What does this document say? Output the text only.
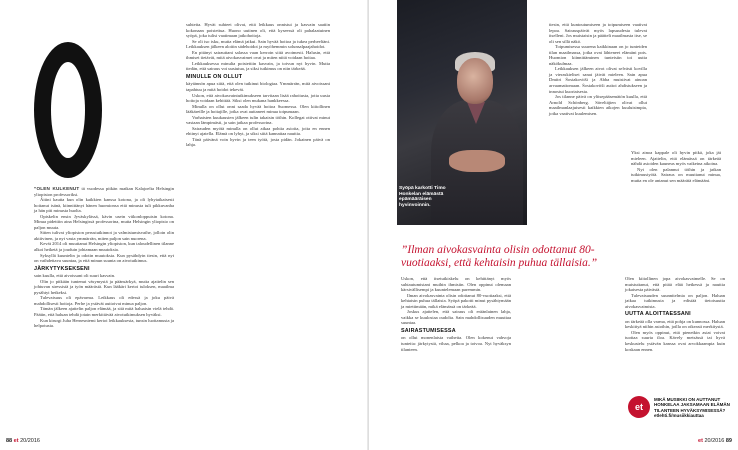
”OLEN KULKENUT tä vuodessa pitkän matkan Kalajoelta Helsingin yliopiston professoriksi.

Äitini kautta kun olin kaikkien kanssa kotona, ja oli lyhytaikaisesti hoitanut isänä, kiinnittänyt hänen huomionsa että minusta tuli pikkuvanha ja hän piti minusta huolta.

Opiskelin ensin Jyväskylässä, kävin usein viikonloppuisin kotona. Minua pidettiin aina Helsingissä professorina, mutta Helsingin yliopisto on paljon muuta.

Sitten tulivat yliopiston perustutkinnot ja valmistumisvaihe, jolloin olin aktiivinen, ja nyt vasta ymmärrän, miten paljon sain nuorena.

Kevät 2014 oli muuttanut Helsingin yliopiston, kun taloudellinen tilanne alkoi heiketä ja jouduin johtamaan muutoksia.

Syksyllä kuuntelin ja odotin muutoksia. Kun pysähdyin tiesin, että nyt on vaihdettava suuntaa, ja että minun suunta on aivotutkimus.

JÄRKYTYKSEKSENI

sain kuulla, että aivoissani oli suuri kasvain.

Olin jo pitkään tuntenut väsymystä ja päänsärkyä, mutta ajattelin sen johtuvan stressistä ja työn määrästä. Kun lääkäri kertoi tuloksen, maailma pysähtyi hetkeksi.

Tulevaisuus oli epävarma. Leikkaus oli edessä ja joku päivä mahdollisesti hoitoja. Perhe ja ystävät auttoivat minua paljon.

Tämän jälkeen ajattelin paljon elämää, ja sitä mitä haluaisin vielä tehdä. Päätin, että haluan tehdä jotain merkittävää aivotutkimuksen hyväksi.

Kun kirurgi Juha Hernesniemi kertoi leikkauksesta, tunsin luottamusta ja helpotusta.

suhteita. Hyvät suhteet olivat, että leikkaus onnistui ja kasvain saatiin kokonaan poistettua. Huono uutinen oli, että kyseessä oli pahalaatuinen syöpä, joka tulisi vaatimaan jatkohoitoja.

Se oli iso isku, mutta elämä jatkui. Sain hyvää hoitoa ja tukea perheeltäni. Leikkauksen jälkeen aloitin sädehoidot ja myöhemmin solunsalpaajahoidot.

En pitänyt sairauttani salassa vaan kerroin siitä avoimesti. Halusin, että ihmiset tietävät, mitä aivokasvaimet ovat ja miten niitä voidaan hoitaa.

Leikkauksessa minulta poistettiin kasvain, ja toivun nyt hyvin. Mutta tiedän, että sairaus voi uusiutua, ja siksi tutkimus on niin tärkeää.

MINULLE ON OLLUT

käytännön apua siitä, että olen tutkinut biologiaa. Ymmärrän, mitä aivoissani tapahtuu ja mitä hoidot tekevät.

Uskon, että aivokasvaintutkimukseen tarvitaan lisää rahoitusta, jotta uusia hoitoja voidaan kehittää. Siksi olen mukana hankkeessa.

Minulla on ollut onni saada hyvää hoitoa Suomessa. Olen kiitollinen lääkäreille ja hoitajille, jotka ovat auttaneet minua toipumaan.

Varhaisten kuukausien jälkeen tulin takaisin töihin. Kollegat ottivat minut vastaan lämpimästi, ja sain jatkaa professorina.

Sairauden myötä minulla on ollut aikaa pohtia asioita, joita en ennen ehtinyt ajatella. Elämä on lyhyt, ja siksi siitä kannattaa nauttia.

Tänä päivänä voin hyvin ja teen työtä, josta pidän. Jokainen päivä on lahja.

88 et 20/2016
Syöpä karkotti Timo Honkelan elämästä epämääräisen hyvinvoinnin.

tiesin, että kuntoutumiseen ja toipumiseen vaativat lepoa. Sairauspäivät myös lapsuudesta tulevat itselleni. Jos muistaisin ja päätteli maailmasta itse, se oli sen sillä näkö.

Toipumisessa suurena kaikkinaan on jo tunteiden tilan maailmassa, jotka ovat lähteneet elämäni pois. Huomion kiinnittäminen tunteisiin toi uutta näkökulmaa.

Leikkauksen jälkeen aivot olivat selvästi kovilla ja vieraskieliset sanat jäivät mieleen. Sain apua Dmitri Šostakovitši ja Abba muistivat ainoan arvaamattomaan. Šostakovitši auttoi ahdistukseen ja innostui kuoriaisesta.

Jos tilanne päivä on ylitsepääsemätön kuulla, että Arnold Schönberg. Säveltäjien olivat ollut maailmanlaajuisesti kaikkien aikojen kuuluisimpia, jotka vaativat kuulemisen.

Yksi ainoa kappale oli hyvin pitkä, joka jäi mieleen. Ajattelin, että elämässä on tärkeää nähdä asioiden kauneus myös vaikeina aikoina.

Nyt olen palannut töihin ja jatkan tutkimustyötä. Sairaus on muuttanut minua, mutta en ole antanut sen määrätä elämääni.

”Ilman aivokasvainta olisin odottanut 80-vuotiaaksi, että kehtaisin puhua tällaisia.”

Uskon, että itsetutkiskelu on kehittänyt myös suhtautumistani muihin ihmisiin. Olen oppinut olemaan kärsivällisempi ja kuuntelemaan paremmin.

Ilman aivokasvainta olisin odottanut 80-vuotiaaksi, että kehtaisin puhua tällaisia. Syöpä pakotti minut pysähtymään ja miettimään, mikä elämässä on tärkeää.

Joskus ajattelen, että sairaus oli eräänlainen lahja, vaikka se kuulostaa oudolta. Sain mahdollisuuden muuttaa suuntaa.

SAIRASTUMISESSA

on ollut monenlaista vaihetta. Olen kokenut vahvoja tunteita: järkytystä, vihaa, pelkoa ja toivoa. Nyt hyväksyn tilanteen.

Olen kiitollinen jopa aivokasvaimelle. Se on muistuttanut, että pitää elää hetkessä ja nauttia jokaisesta päivästä.

Tulevaisuuden suunnitelmia on paljon. Haluan jatkaa tutkimusta ja edistää tietoisuutta aivokasvaimista.

UUTTA ALOITTAESSANI

on tärkeää olla varma, että pohja on kunnossa. Haluan keskittyä niihin asioihin, joilla on oikeasti merkitystä.

Olen myös oppinut, että pienetkin asiat voivat tuottaa suurta iloa. Kävely metsässä tai hyvä keskustelu ystävän kanssa ovat arvokkaampia kuin koskaan ennen.

et
MIKÄ MUSIIKKI ON AUTTANUT HONKELAA JAKSAMAAN ELÄMÄN TILANTEEN HYVÄKSYMISESSÄ? etlehti.fi/musiikkiauttaa
et 20/2016 89
